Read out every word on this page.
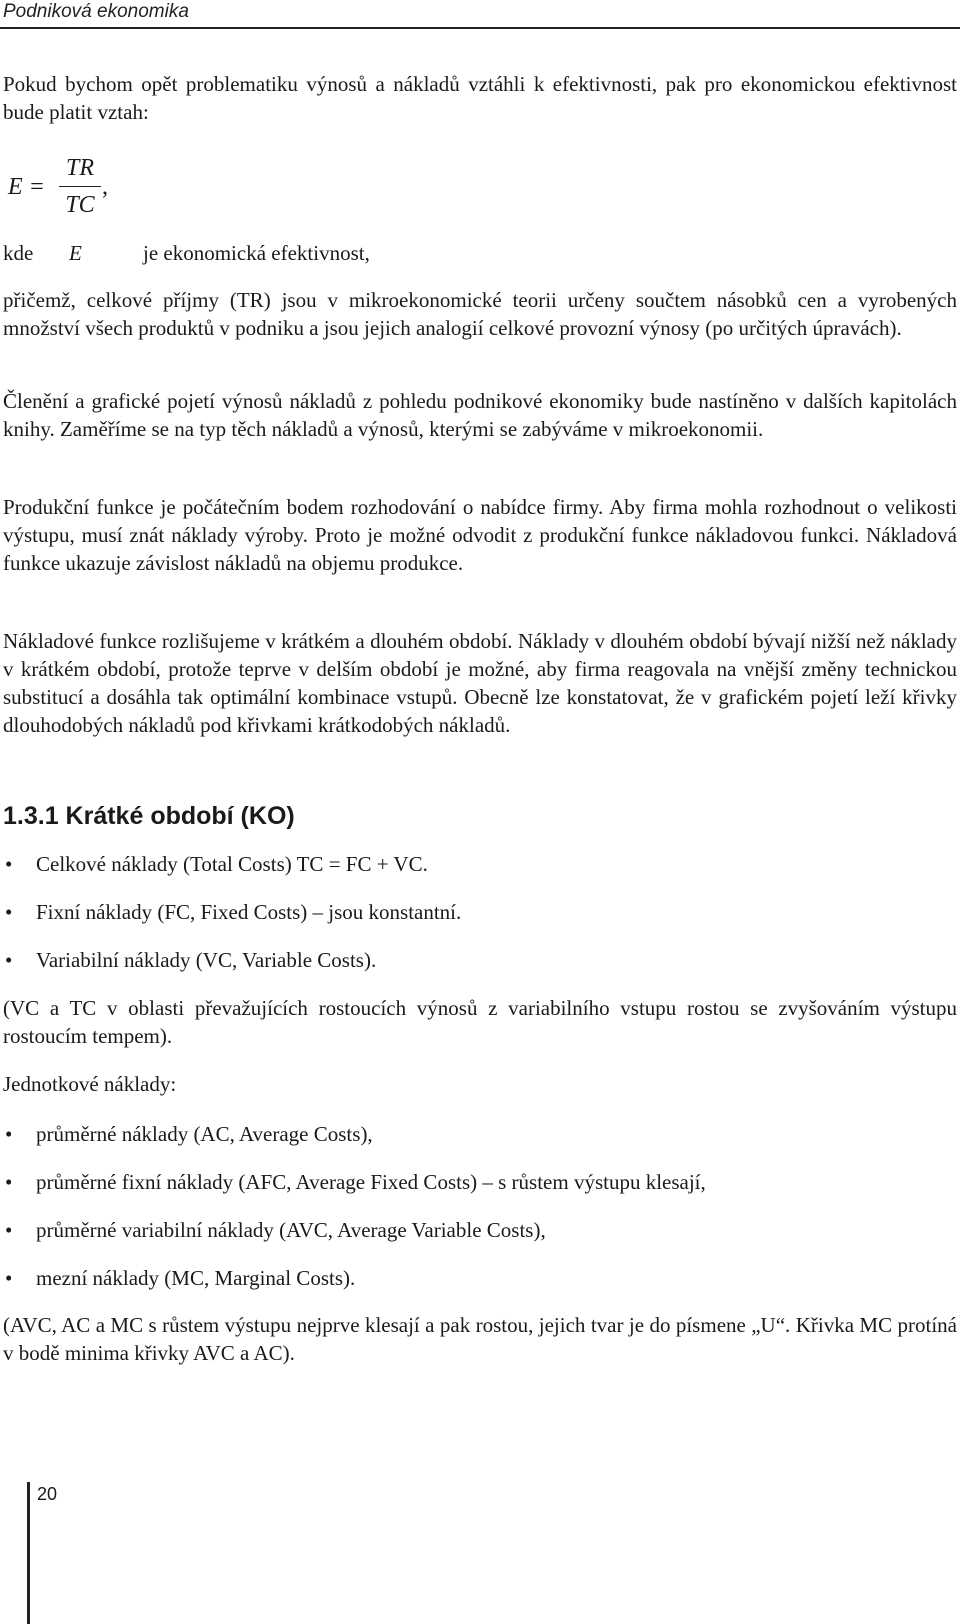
Podniková ekonomika

Pokud bychom opět problematiku výnosů a nákladů vztáhli k efektivnosti, pak pro ekonomickou efektivnost bude platit vztah:

E =
TR
TC
,
kde E	je ekonomická efektivnost,

přičemž, celkové příjmy (TR) jsou v mikroekonomické teorii určeny součtem násobků cen a vyrobených množství všech produktů v podniku a jsou jejich analogií celkové provozní výnosy (po určitých úpravách).

Členění a grafické pojetí výnosů nákladů z pohledu podnikové ekonomiky bude nastíněno v dalších kapitolách knihy. Zaměříme se na typ těch nákladů a výnosů, kterými se zabýváme v mikroekonomii.

Produkční funkce je počátečním bodem rozhodování o nabídce firmy. Aby firma mohla rozhodnout o velikosti výstupu, musí znát náklady výroby. Proto je možné odvodit z produkční funkce nákladovou funkci. Nákladová funkce ukazuje závislost nákladů na objemu produkce.

Nákladové funkce rozlišujeme v krátkém a dlouhém období. Náklady v dlouhém období bývají nižší než náklady v krátkém období, protože teprve v delším období je možné, aby firma reagovala na vnější změny technickou substitucí a dosáhla tak optimální kombinace vstupů. Obecně lze konstatovat, že v grafickém pojetí leží křivky dlouhodobých nákladů pod křivkami krátkodobých nákladů.

1.3.1 Krátké období (KO)
• Celkové náklady (Total Costs) TC = FC + VC.
• Fixní náklady (FC, Fixed Costs) – jsou konstantní.
• Variabilní náklady (VC, Variable Costs).

(VC a TC v oblasti převažujících rostoucích výnosů z variabilního vstupu rostou se zvyšováním výstupu rostoucím tempem).

Jednotkové náklady:

• průměrné náklady (AC, Average Costs),
• průměrné fixní náklady (AFC, Average Fixed Costs) – s růstem výstupu klesají,
• průměrné variabilní náklady (AVC, Average Variable Costs),
• mezní náklady (MC, Marginal Costs).

(AVC, AC a MC s růstem výstupu nejprve klesají a pak rostou, jejich tvar je do písmene „U“. Křivka MC protíná v bodě minima křivky AVC a AC).

20
